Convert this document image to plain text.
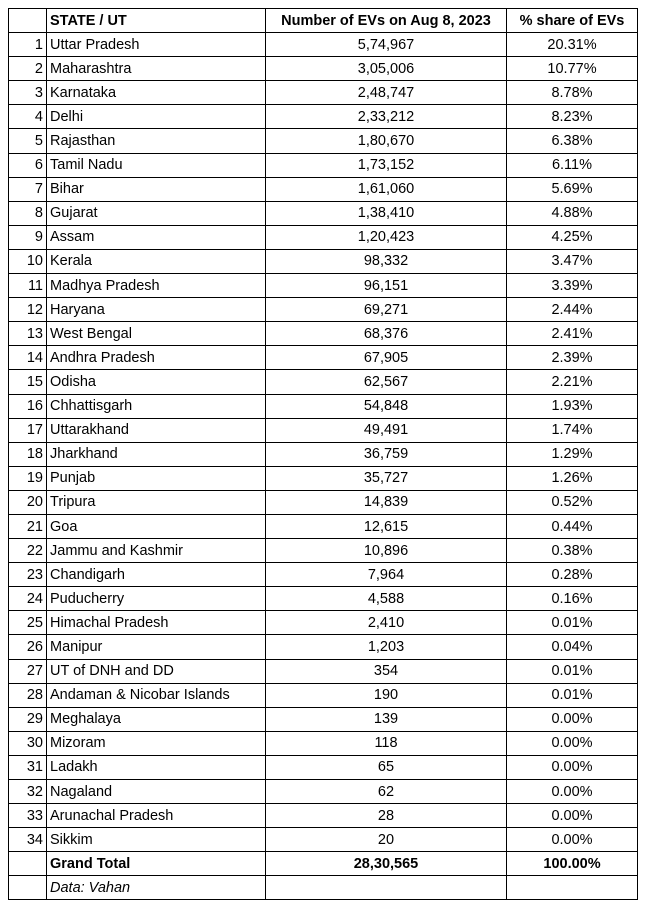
	STATE / UT	Number of EVs on Aug 8, 2023	% share of EVs
1	Uttar Pradesh	5,74,967	20.31%
2	Maharashtra	3,05,006	10.77%
3	Karnataka	2,48,747	8.78%
4	Delhi	2,33,212	8.23%
5	Rajasthan	1,80,670	6.38%
6	Tamil Nadu	1,73,152	6.11%
7	Bihar	1,61,060	5.69%
8	Gujarat	1,38,410	4.88%
9	Assam	1,20,423	4.25%
10	Kerala	98,332	3.47%
11	Madhya Pradesh	96,151	3.39%
12	Haryana	69,271	2.44%
13	West Bengal	68,376	2.41%
14	Andhra Pradesh	67,905	2.39%
15	Odisha	62,567	2.21%
16	Chhattisgarh	54,848	1.93%
17	Uttarakhand	49,491	1.74%
18	Jharkhand	36,759	1.29%
19	Punjab	35,727	1.26%
20	Tripura	14,839	0.52%
21	Goa	12,615	0.44%
22	Jammu and Kashmir	10,896	0.38%
23	Chandigarh	7,964	0.28%
24	Puducherry	4,588	0.16%
25	Himachal Pradesh	2,410	0.01%
26	Manipur	1,203	0.04%
27	UT of DNH and DD	354	0.01%
28	Andaman & Nicobar Islands	190	0.01%
29	Meghalaya	139	0.00%
30	Mizoram	118	0.00%
31	Ladakh	65	0.00%
32	Nagaland	62	0.00%
33	Arunachal Pradesh	28	0.00%
34	Sikkim	20	0.00%
	Grand Total	28,30,565	100.00%
	Data: Vahan		
